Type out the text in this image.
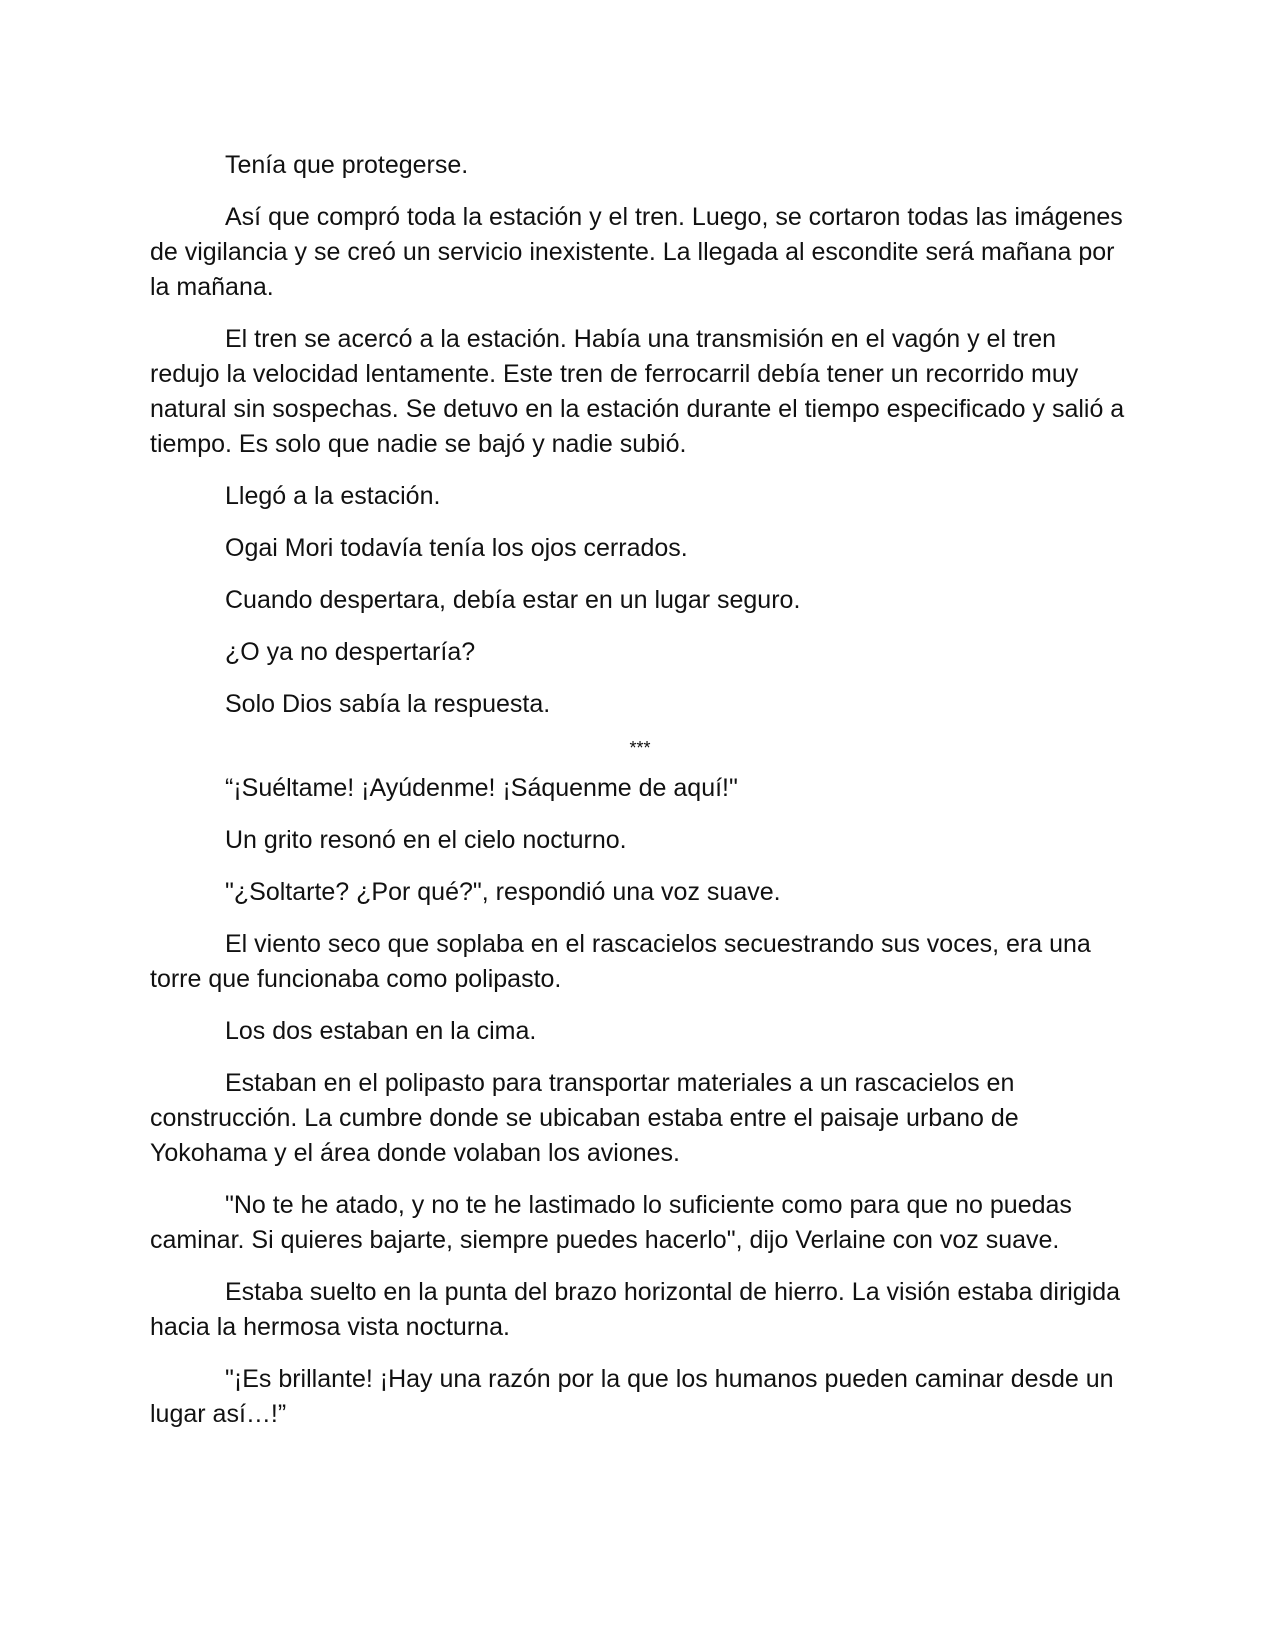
Tenía que protegerse.

Así que compró toda la estación y el tren. Luego, se cortaron todas las imágenes de vigilancia y se creó un servicio inexistente. La llegada al escondite será mañana por la mañana.

El tren se acercó a la estación. Había una transmisión en el vagón y el tren redujo la velocidad lentamente. Este tren de ferrocarril debía tener un recorrido muy natural sin sospechas. Se detuvo en la estación durante el tiempo especificado y salió a tiempo. Es solo que nadie se bajó y nadie subió.

Llegó a la estación.

Ogai Mori todavía tenía los ojos cerrados.

Cuando despertara, debía estar en un lugar seguro.

¿O ya no despertaría?

Solo Dios sabía la respuesta.

***

“¡Suéltame! ¡Ayúdenme! ¡Sáquenme de aquí!"

Un grito resonó en el cielo nocturno.

"¿Soltarte? ¿Por qué?", respondió una voz suave.

El viento seco que soplaba en el rascacielos secuestrando sus voces, era una torre que funcionaba como polipasto.

Los dos estaban en la cima.

Estaban en el polipasto para transportar materiales a un rascacielos en construcción. La cumbre donde se ubicaban estaba entre el paisaje urbano de Yokohama y el área donde volaban los aviones.

"No te he atado, y no te he lastimado lo suficiente como para que no puedas caminar. Si quieres bajarte, siempre puedes hacerlo", dijo Verlaine con voz suave.

Estaba suelto en la punta del brazo horizontal de hierro. La visión estaba dirigida hacia la hermosa vista nocturna.

"¡Es brillante! ¡Hay una razón por la que los humanos pueden caminar desde un lugar así…!”
